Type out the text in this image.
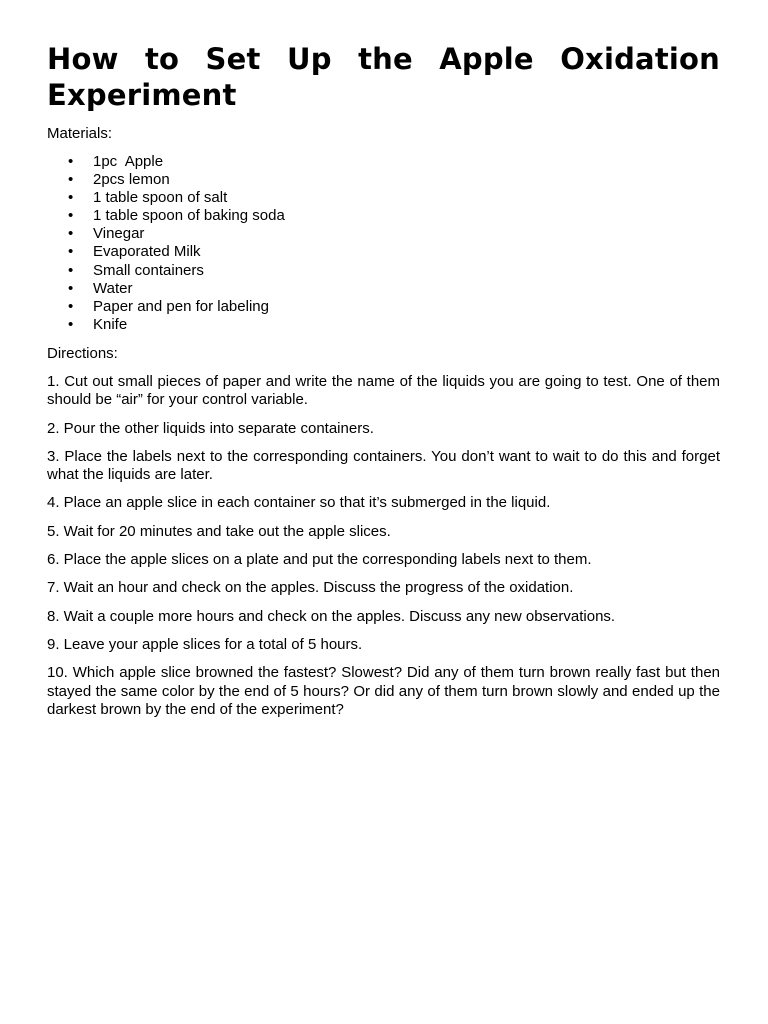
How to Set Up the Apple Oxidation Experiment
Materials:
• 1pc  Apple
• 2pcs lemon
• 1 table spoon of salt
• 1 table spoon of baking soda
• Vinegar
• Evaporated Milk
• Small containers
• Water
• Paper and pen for labeling
• Knife
Directions:

1. Cut out small pieces of paper and write the name of the liquids you are going to test. One of them should be “air” for your control variable.

2. Pour the other liquids into separate containers.

3. Place the labels next to the corresponding containers. You don’t want to wait to do this and forget what the liquids are later.

4. Place an apple slice in each container so that it’s submerged in the liquid.

5. Wait for 20 minutes and take out the apple slices.

6. Place the apple slices on a plate and put the corresponding labels next to them.

7. Wait an hour and check on the apples. Discuss the progress of the oxidation.

8. Wait a couple more hours and check on the apples. Discuss any new observations.

9. Leave your apple slices for a total of 5 hours.

10. Which apple slice browned the fastest? Slowest? Did any of them turn brown really fast but then stayed the same color by the end of 5 hours? Or did any of them turn brown slowly and ended up the darkest brown by the end of the experiment?
